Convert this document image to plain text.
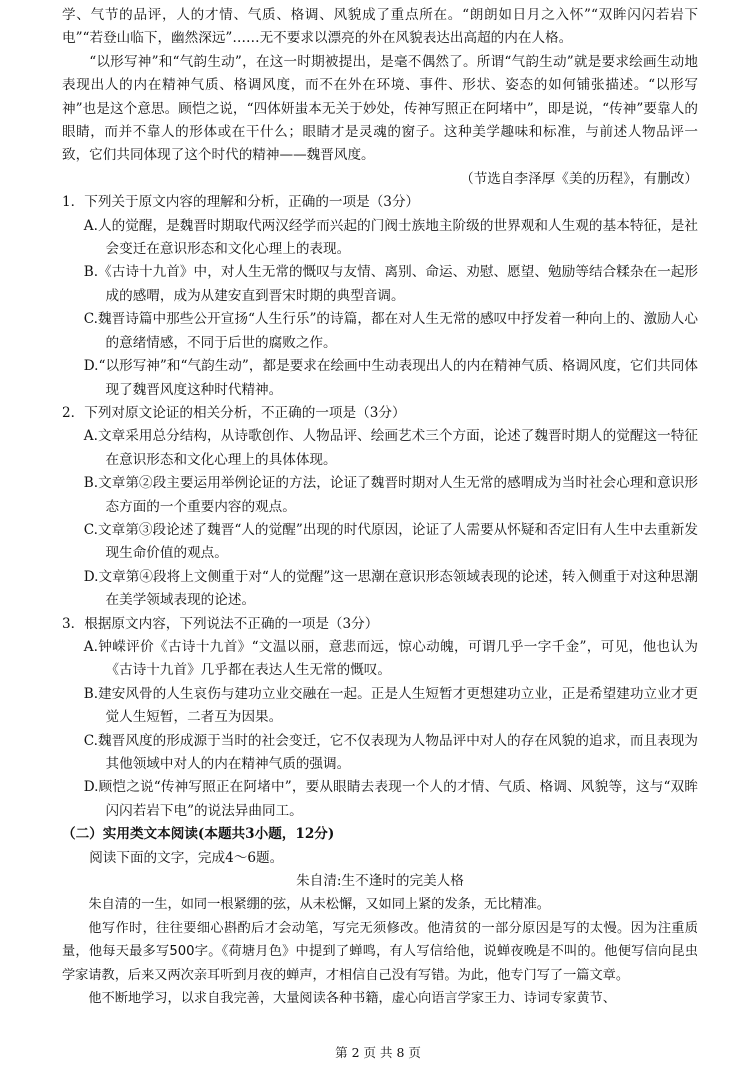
学、气节的品评，人的才情、气质、格调、风貌成了重点所在。“朗朗如日月之入怀”“双眸闪闪若岩下电”“若登山临下，幽然深远”……无不要求以漂亮的外在风貌表达出高超的内在人格。

“以形写神”和“气韵生动”，在这一时期被提出，是毫不偶然了。所谓“气韵生动”就是要求绘画生动地表现出人的内在精神气质、格调风度，而不在外在环境、事件、形状、姿态的如何铺张描述。“以形写神”也是这个意思。顾恺之说，“四体妍蚩本无关于妙处，传神写照正在阿堵中”，即是说，“传神”要靠人的眼睛，而并不靠人的形体或在干什么；眼睛才是灵魂的窗子。这种美学趣味和标准，与前述人物品评一致，它们共同体现了这个时代的精神——魏晋风度。

（节选自李泽厚《美的历程》，有删改）

1．下列关于原文内容的理解和分析，正确的一项是（3分）

A.人的觉醒，是魏晋时期取代两汉经学而兴起的门阀士族地主阶级的世界观和人生观的基本特征，是社会变迁在意识形态和文化心理上的表现。

B.《古诗十九首》中，对人生无常的慨叹与友情、离别、命运、劝慰、愿望、勉励等结合糅杂在一起形成的感喟，成为从建安直到晋宋时期的典型音调。

C.魏晋诗篇中那些公开宣扬“人生行乐”的诗篇，都在对人生无常的感叹中抒发着一种向上的、激励人心的意绪情感，不同于后世的腐败之作。

D.“以形写神”和“气韵生动”，都是要求在绘画中生动表现出人的内在精神气质、格调风度，它们共同体现了魏晋风度这种时代精神。

2．下列对原文论证的相关分析，不正确的一项是（3分）

A.文章采用总分结构，从诗歌创作、人物品评、绘画艺术三个方面，论述了魏晋时期人的觉醒这一特征在意识形态和文化心理上的具体体现。

B.文章第②段主要运用举例论证的方法，论证了魏晋时期对人生无常的感喟成为当时社会心理和意识形态方面的一个重要内容的观点。

C.文章第③段论述了魏晋“人的觉醒”出现的时代原因，论证了人需要从怀疑和否定旧有人生中去重新发现生命价值的观点。

D.文章第④段将上文侧重于对“人的觉醒”这一思潮在意识形态领域表现的论述，转入侧重于对这种思潮在美学领域表现的论述。

3．根据原文内容，下列说法不正确的一项是（3分）

A.钟嵘评价《古诗十九首》“文温以丽，意悲而远，惊心动魄，可谓几乎一字千金”，可见，他也认为《古诗十九首》几乎都在表达人生无常的慨叹。

B.建安风骨的人生哀伤与建功立业交融在一起。正是人生短暂才更想建功立业，正是希望建功立业才更觉人生短暂，二者互为因果。

C.魏晋风度的形成源于当时的社会变迁，它不仅表现为人物品评中对人的存在风貌的追求，而且表现为其他领域中对人的内在精神气质的强调。

D.顾恺之说“传神写照正在阿堵中”，要从眼睛去表现一个人的才情、气质、格调、风貌等，这与“双眸闪闪若岩下电”的说法异曲同工。

（二）实用类文本阅读(本题共3小题，12分)

阅读下面的文字，完成4～6题。

朱自清:生不逢时的完美人格

朱自清的一生，如同一根紧绷的弦，从未松懈，又如同上紧的发条，无比精准。

他写作时，往往要细心斟酌后才会动笔，写完无须修改。他清贫的一部分原因是写的太慢。因为注重质量，他每天最多写500字。《荷塘月色》中提到了蝉鸣，有人写信给他，说蝉夜晚是不叫的。他便写信向昆虫学家请教，后来又两次亲耳听到月夜的蝉声，才相信自己没有写错。为此，他专门写了一篇文章。

他不断地学习，以求自我完善，大量阅读各种书籍，虚心向语言学家王力、诗词专家黄节、

第 2 页 共 8 页
